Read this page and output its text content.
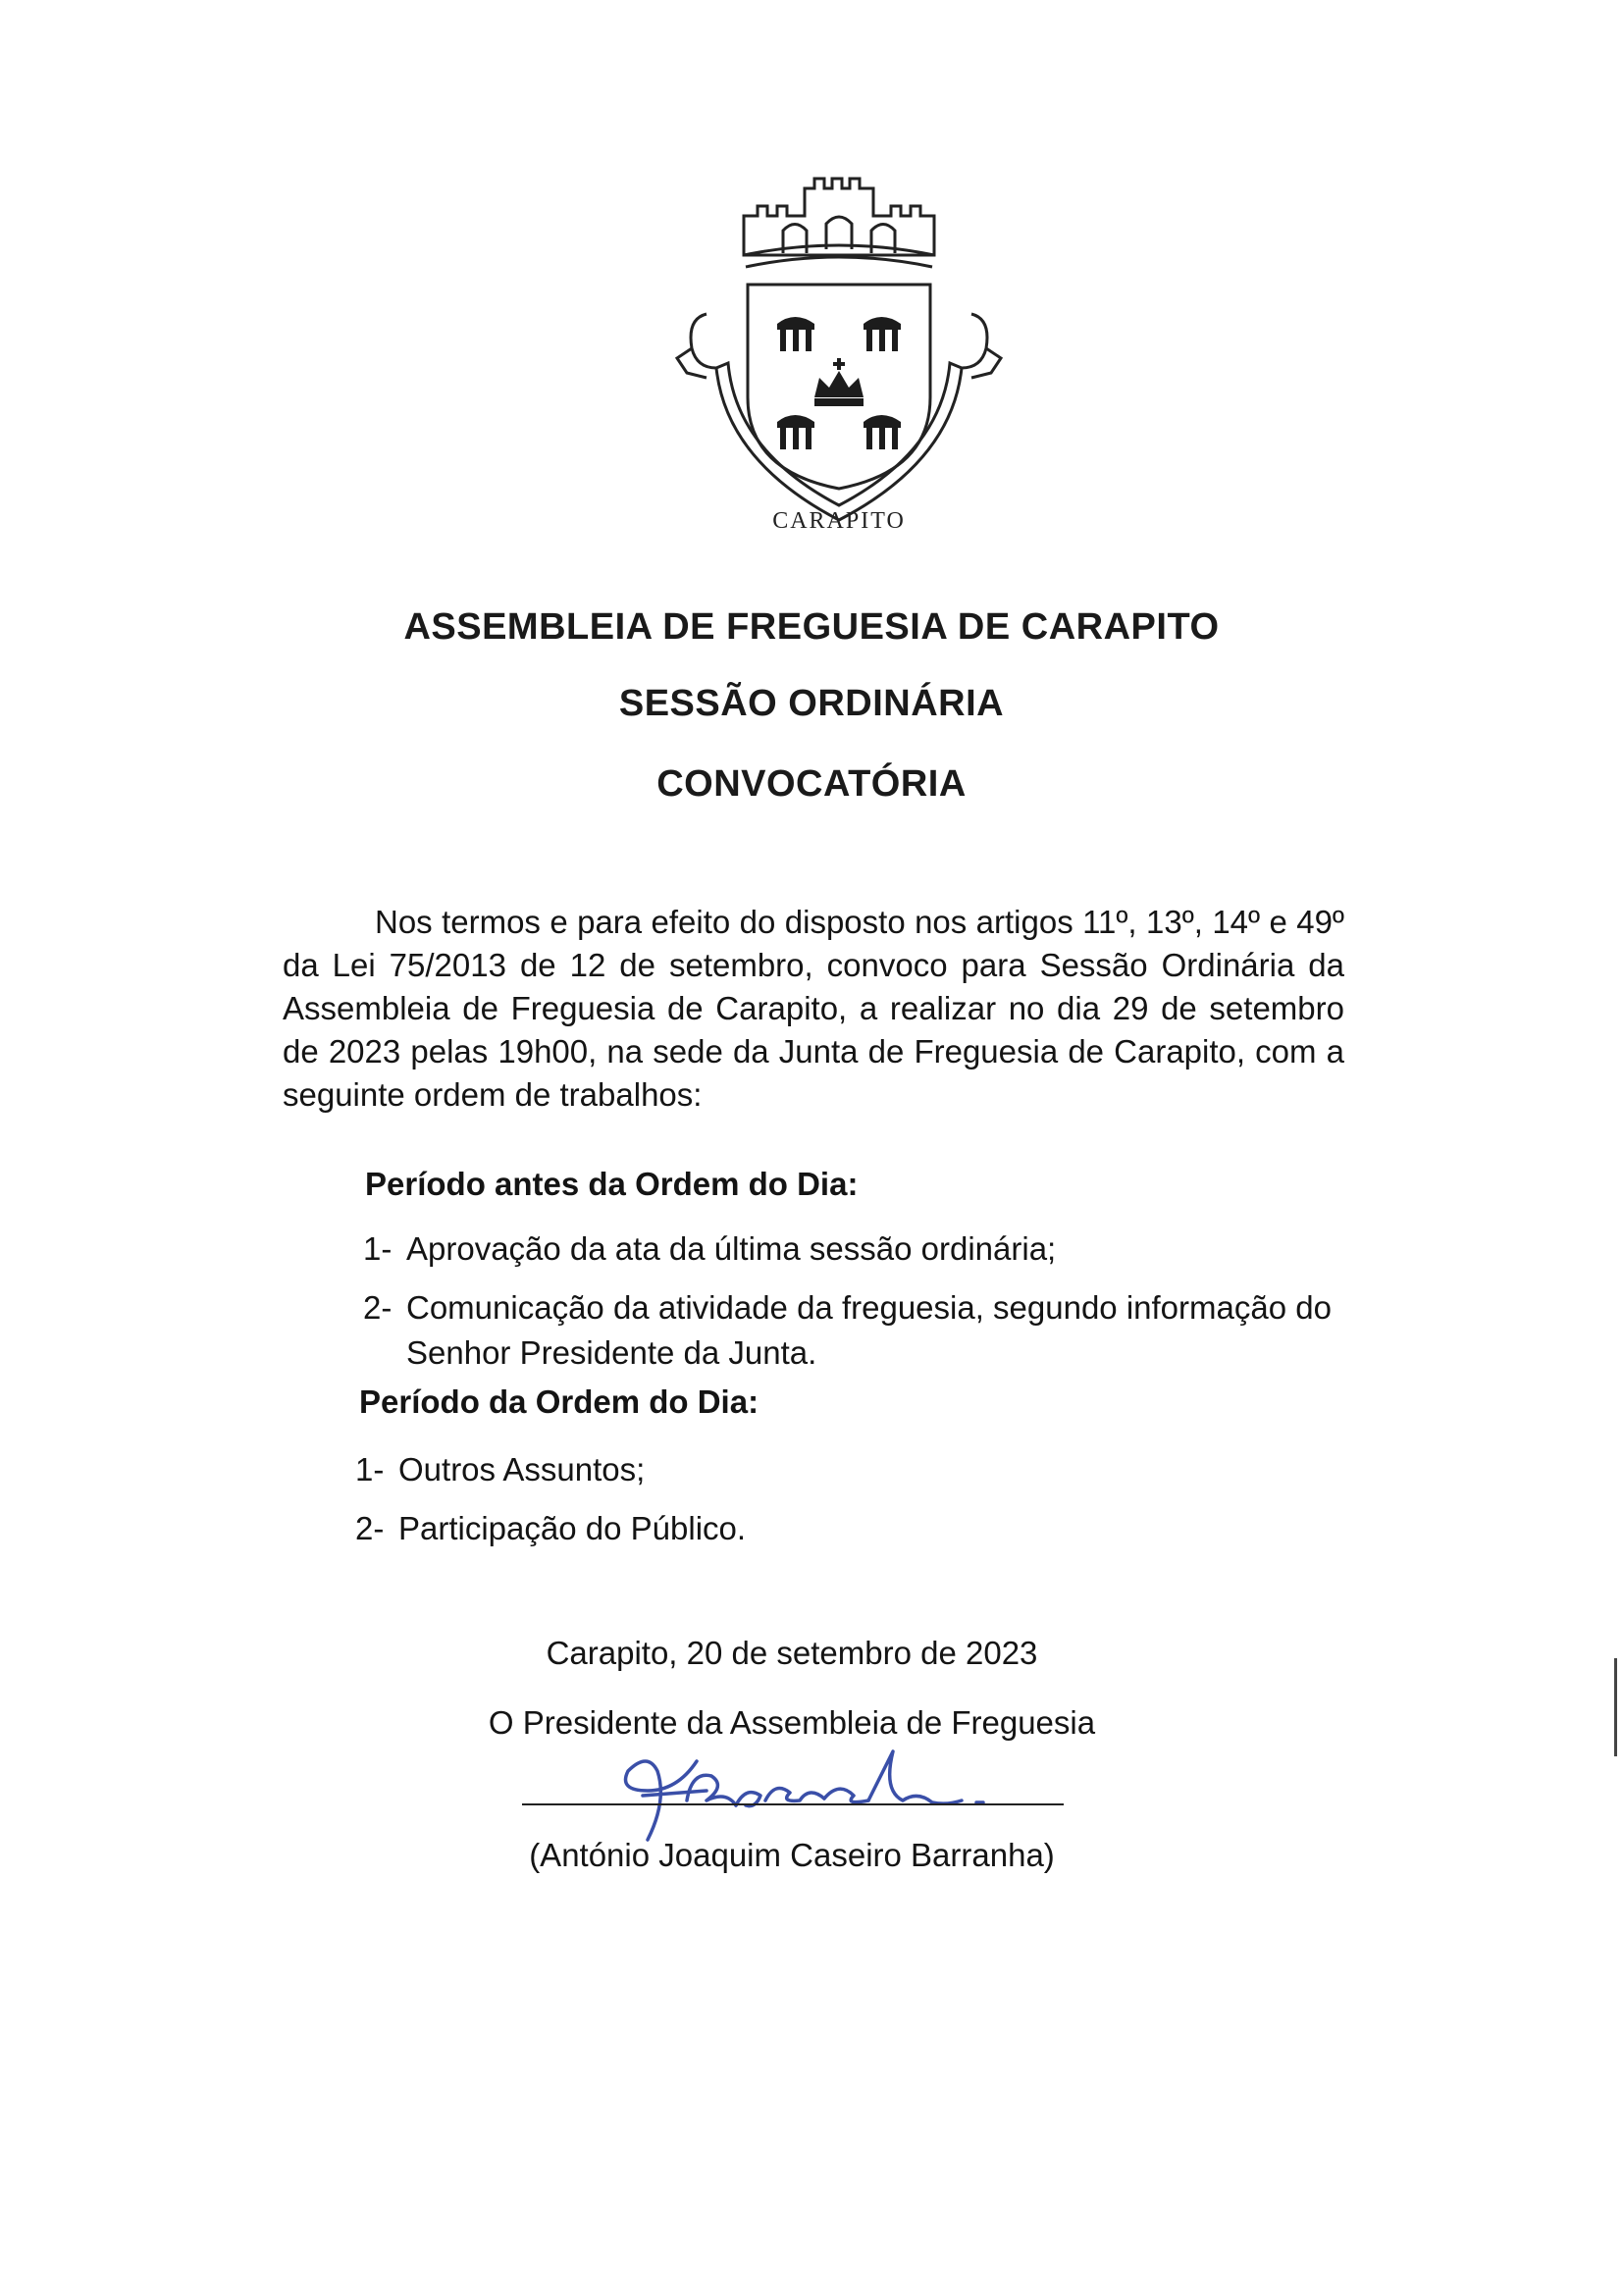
CARAPITO
ASSEMBLEIA DE FREGUESIA DE CARAPITO
SESSÃO ORDINÁRIA
CONVOCATÓRIA
Nos termos e para efeito do disposto nos artigos 11º, 13º, 14º e 49º da Lei 75/2013 de 12 de setembro, convoco para Sessão Ordinária da Assembleia de Freguesia de Carapito, a realizar no dia 29 de setembro de 2023 pelas 19h00, na sede da Junta de Freguesia de Carapito, com a seguinte ordem de trabalhos:
Período antes da Ordem do Dia:
1- Aprovação da ata da última sessão ordinária;
2- Comunicação da atividade da freguesia, segundo informação do Senhor Presidente da Junta.
Período da Ordem do Dia:
1- Outros Assuntos;
2- Participação do Público.
Carapito, 20 de setembro de 2023
O Presidente da Assembleia de Freguesia
(António Joaquim Caseiro Barranha)
